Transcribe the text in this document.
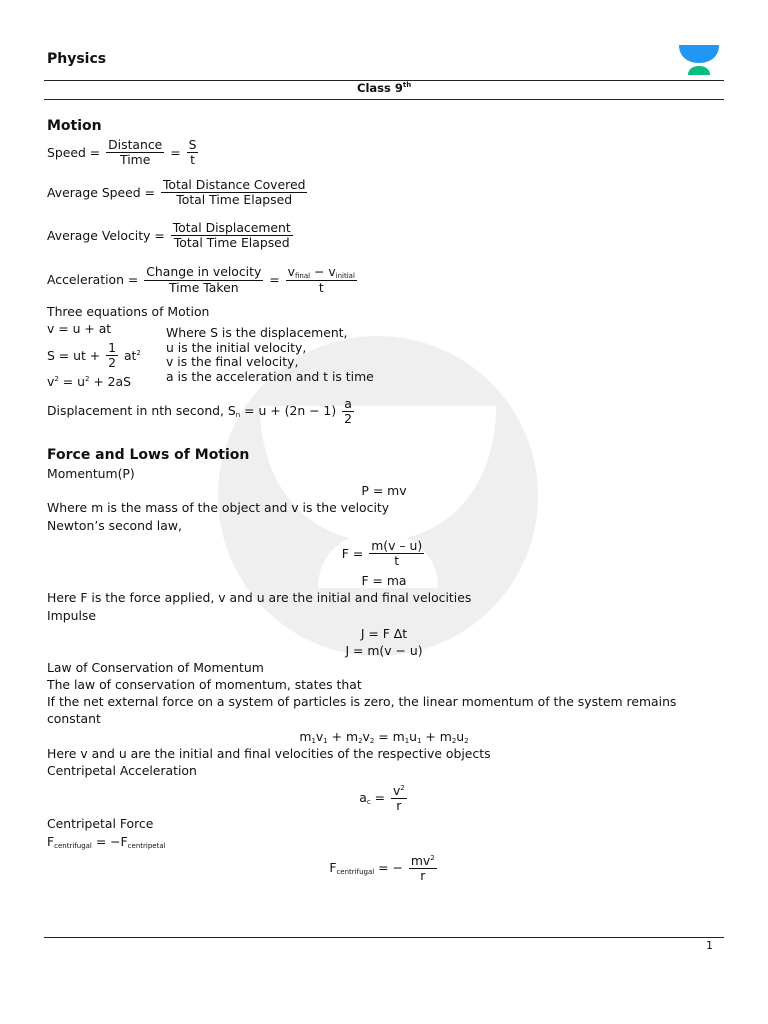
Physics
Class 9th
Motion
Speed = $\frac{\text{Distance}}{\text{Time}} = \frac{S}{t}$
Average Speed = $\frac{\text{Total Distance Covered}}{\text{Total Time Elapsed}}$
Average Velocity = $\frac{\text{Total Displacement}}{\text{Total Time Elapsed}}$
Acceleration = $\frac{\text{Change in velocity}}{\text{Time Taken}} = \frac{v_{final} - v_{initial}}{t}$
Three equations of Motion
v = u + at
S = ut + $\frac{1}{2} at^2$
$v^2 = u^2 + 2aS$
Where S is the displacement,
u is the initial velocity,
v is the final velocity,
a is the acceleration and t is time
Displacement in nth second, $S_n = u + (2n - 1) \frac{a}{2}$
Force and Lows of Motion
Momentum(P)
P = mv
Where m is the mass of the object and v is the velocity
Newton’s second law,
$F = \frac{m(v - u)}{t}$
F = ma
Here F is the force applied, v and u are the initial and final velocities
Impulse
J = F Δt
J = m(v − u)
Law of Conservation of Momentum
The law of conservation of momentum, states that
If the net external force on a system of particles is zero, the linear momentum of the system remains
constant
$m_1v_1 + m_2v_2 = m_1u_1 + m_2u_2$
Here v and u are the initial and final velocities of the respective objects
Centripetal Acceleration
$a_c = \frac{v^2}{r}$
Centripetal Force
$F_{centrifugal} = -F_{centripetal}$
$F_{centrifugal}$ = − $\frac{mv^2}{r}$
1
